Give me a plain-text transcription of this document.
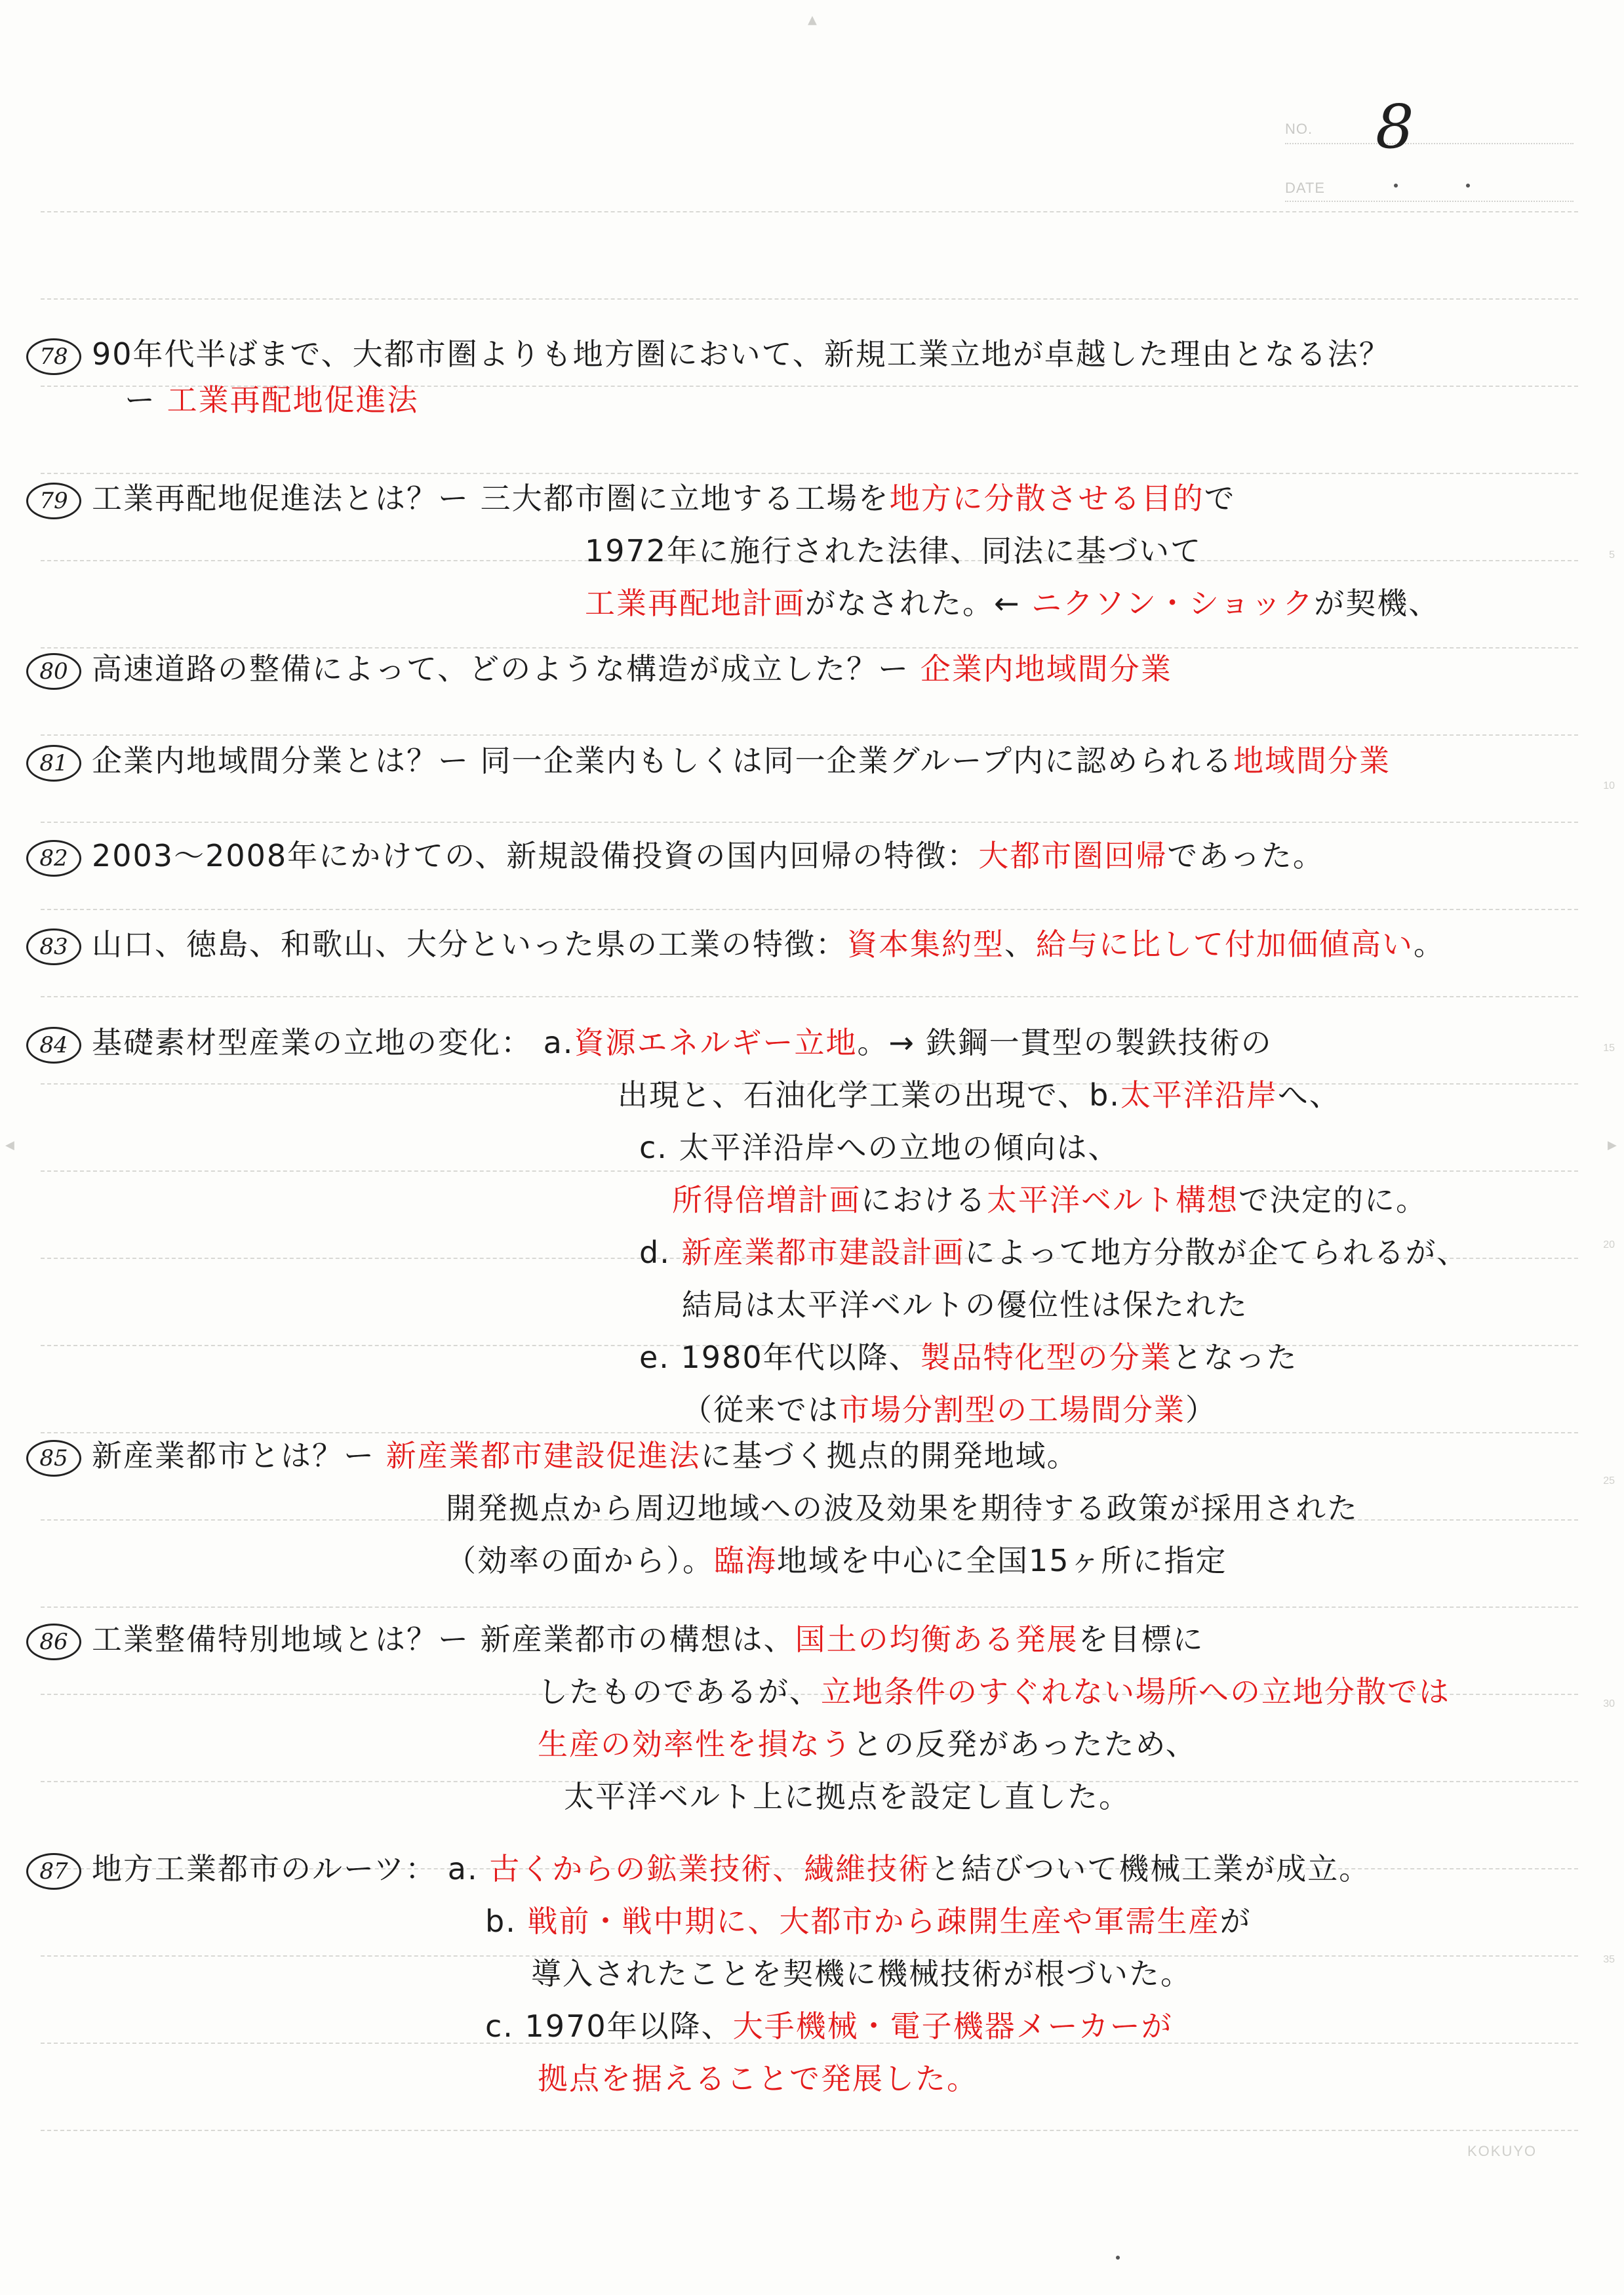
NO. 8
DATE
▲
◀	▶
5
10
15
20
25
30
35
78 90年代半ばまで、大都市圏よりも地方圏において、新規工業立地が卓越した理由となる法？
ー 工業再配地促進法
79 工業再配地促進法とは？ー 三大都市圏に立地する工場を地方に分散させる目的で
1972年に施行された法律、同法に基づいて
工業再配地計画がなされた。← ニクソン・ショックが契機、
80 高速道路の整備によって、どのような構造が成立した？ー 企業内地域間分業
81 企業内地域間分業とは？ー 同一企業内もしくは同一企業グループ内に認められる地域間分業
82 2003〜2008年にかけての、新規設備投資の国内回帰の特徴：大都市圏回帰であった。
83 山口、徳島、和歌山、大分といった県の工業の特徴：資本集約型、給与に比して付加価値高い。
84 基礎素材型産業の立地の変化： a.資源エネルギー立地。→ 鉄鋼一貫型の製鉄技術の
出現と、石油化学工業の出現で、b.太平洋沿岸へ、
c. 太平洋沿岸への立地の傾向は、
所得倍増計画における太平洋ベルト構想で決定的に。
d. 新産業都市建設計画によって地方分散が企てられるが、
結局は太平洋ベルトの優位性は保たれた
e. 1980年代以降、製品特化型の分業となった
（従来では市場分割型の工場間分業）
85 新産業都市とは？ー 新産業都市建設促進法に基づく拠点的開発地域。
開発拠点から周辺地域への波及効果を期待する政策が採用された
（効率の面から）。臨海地域を中心に全国15ヶ所に指定
86 工業整備特別地域とは？ー 新産業都市の構想は、国土の均衡ある発展を目標に
したものであるが、立地条件のすぐれない場所への立地分散では
生産の効率性を損なうとの反発があったため、
太平洋ベルト上に拠点を設定し直した。
87 地方工業都市のルーツ： a. 古くからの鉱業技術、繊維技術と結びついて機械工業が成立。
b. 戦前・戦中期に、大都市から疎開生産や軍需生産が
導入されたことを契機に機械技術が根づいた。
c. 1970年以降、大手機械・電子機器メーカーが
拠点を据えることで発展した。
KOKUYO
